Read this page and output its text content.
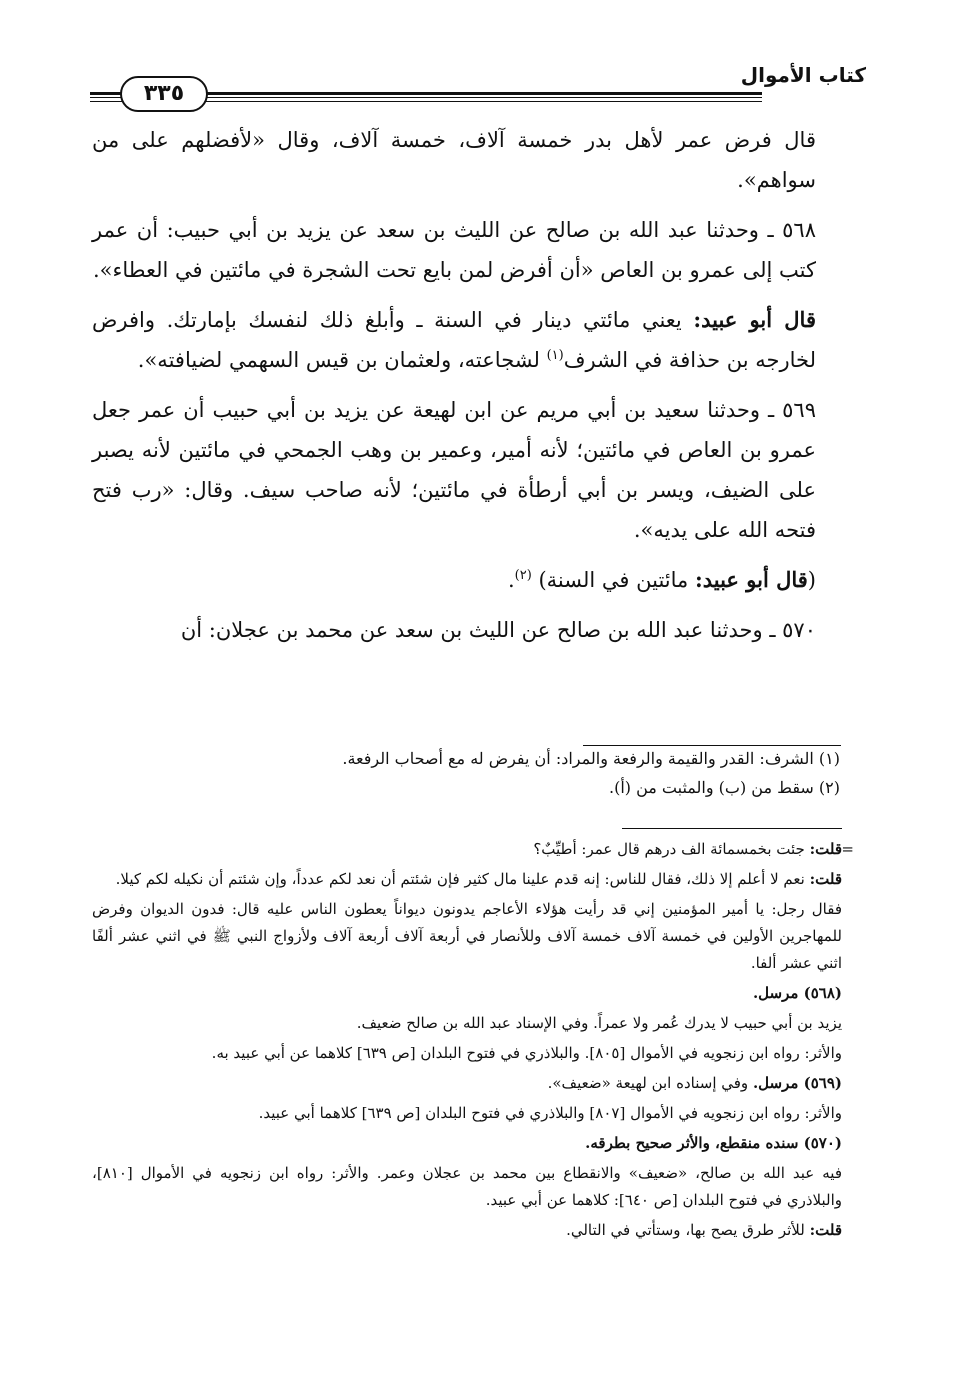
كتاب الأموال
٣٣٥

قال فرض عمر لأهل بدر خمسة آلاف، خمسة آلاف، وقال «لأفضلهم على من سواهم».

٥٦٨ ـ وحدثنا عبد الله بن صالح عن الليث بن سعد عن يزيد بن أبي حبيب: أن عمر كتب إلى عمرو بن العاص «أن أفرض لمن بايع تحت الشجرة في مائتين في العطاء».

قال أبو عبيد: يعني مائتي دينار في السنة ـ وأبلغ ذلك لنفسك بإمارتك. وافرض لخارجه بن حذافة في الشرف$^{(١)}$ لشجاعته، ولعثمان بن قيس السهمي لضيافته».

٥٦٩ ـ وحدثنا سعيد بن أبي مريم عن ابن لهيعة عن يزيد بن أبي حبيب أن عمر جعل عمرو بن العاص في مائتين؛ لأنه أمير، وعمير بن وهب الجمحي في مائتين لأنه يصبر على الضيف، ويسر بن أبي أرطأة في مائتين؛ لأنه صاحب سيف. وقال: «رب فتح فتحه الله على يديه».

(قال أبو عبيد: مائتين في السنة) $^{(٢)}$.

٥٧٠ ـ وحدثنا عبد الله بن صالح عن الليث بن سعد عن محمد بن عجلان: أن

(١) الشرف: القدر والقيمة والرفعة والمراد: أن يفرض له مع أصحاب الرفعة.

(٢) سقط من (ب) والمثبت من (أ).

=

قلت: جئت بخمسمائة الف درهم قال عمر: أطيِّبٌ؟

قلت: نعم لا أعلم إلا ذلك، فقال للناس: إنه قدم علينا مال كثير فإن شئتم أن نعد لكم عدداً، وإن شئتم أن نكيله لكم كيلا.

فقال رجل: يا أمير المؤمنين إني قد رأيت هؤلاء الأعاجم يدونون ديواناً يعطون الناس عليه قال: فدون الديوان وفرض للمهاجرين الأولين في خمسة آلاف خمسة آلاف وللأنصار في أربعة آلاف أربعة آلاف ولأزواج النبي ﷺ في اثني عشر ألفًا اثني عشر ألفا.

(٥٦٨) مرسل.

يزيد بن أبي حبيب لا يدرك عُمر ولا عمراً. وفي الإسناد عبد الله بن صالح ضعيف.

والأثر: رواه ابن زنجويه في الأموال [٨٠٥]. والبلاذري في فتوح البلدان [ص ٦٣٩] كلاهما عن أبي عبيد به.

(٥٦٩) مرسل. وفي إسناده ابن لهيعة «ضعيف».

والأثر: رواه ابن زنجويه في الأموال [٨٠٧] والبلاذري في فتوح البلدان [ص ٦٣٩] كلاهما أبي عبيد.

(٥٧٠) سنده منقطع، والأثر صحيح بطرقه.

فيه عبد الله بن صالح، «ضعيف» والانقطاع بين محمد بن عجلان وعمر. والأثر: رواه ابن زنجويه في الأموال [٨١٠]، والبلاذري في فتوح البلدان [ص ٦٤٠]: كلاهما عن أبي عبيد.

قلت: للأثر طرق يصح بها، وستأتي في التالي.
